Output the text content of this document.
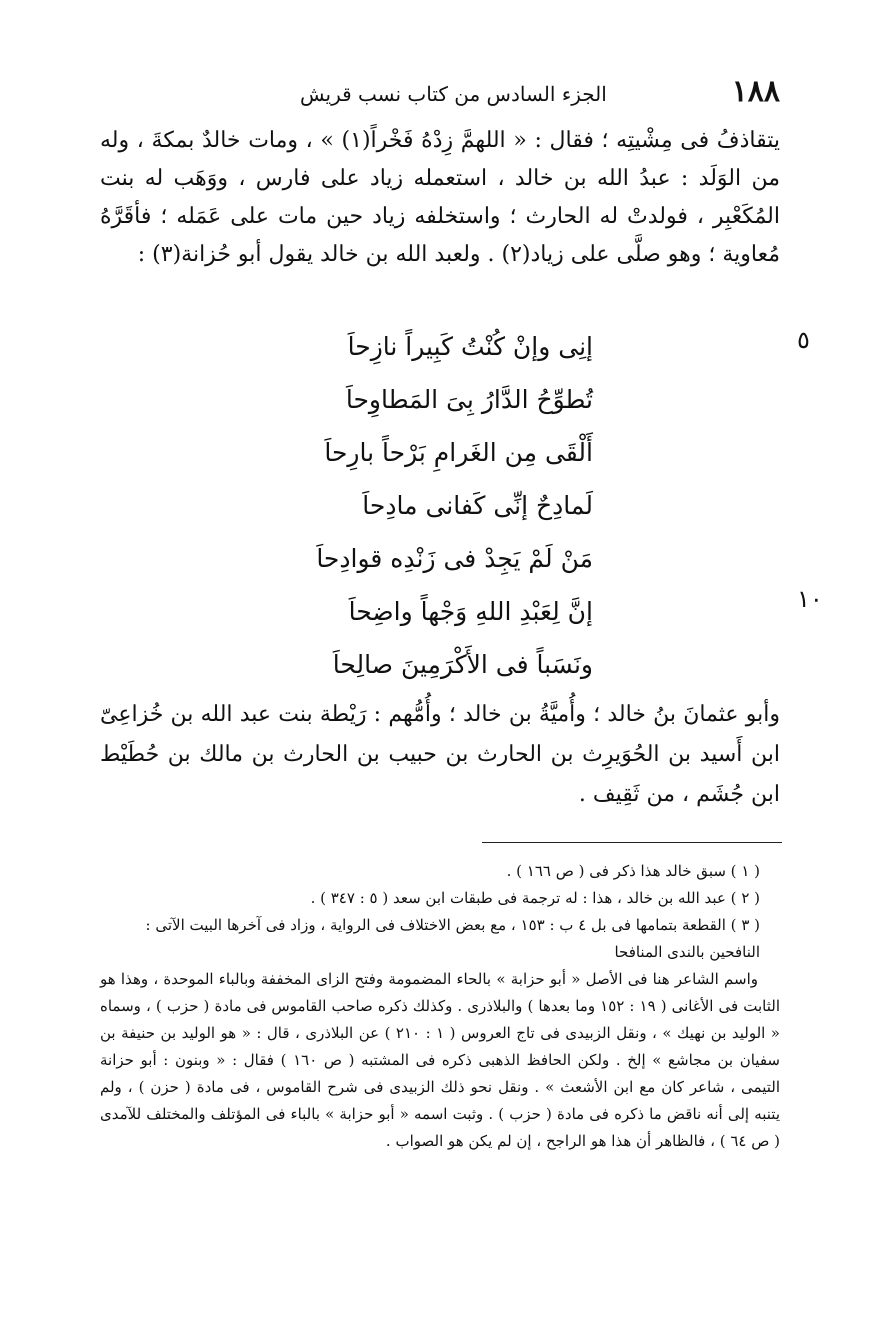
١٨٨
الجزء السادس من كتاب نسب قريش

يتقاذفُ فى مِشْيتِه ؛ فقال : « اللهمَّ زِدْهُ فَخْراً(١) » ، ومات خالدٌ بمكةَ ، وله من الوَلَد : عبدُ الله بن خالد ، استعمله زياد على فارس ، ووَهَب له بنت المُكَعْبِر ، فولدتْ له الحارث ؛ واستخلفه زياد حين مات على عَمَله ؛ فأقَرَّهُ مُعاوية ؛ وهو صلَّى على زياد(٢) . ولعبد الله بن خالد يقول أبو حُزانة(٣) :

إنِى وإنْ كُنْتُ كَبِيراً نازِحاَ
تُطوِّحُ الدَّارُ بِىَ المَطاوِحاَ
أَلْقَى مِن الغَرامِ بَرْحاً بارِحاَ
لَمادِحٌ إنِّى كَفانى مادِحاَ
مَنْ لَمْ يَجِدْ فى زَنْدِه قوادِحاَ
إنَّ لِعَبْدِ اللهِ وَجْهاً واضِحاَ
ونَسَباً فى الأَكْرَمِينَ صالِحاَ
٥
١٠

وأبو عثمانَ بنُ خالد ؛ وأُميَّةُ بن خالد ؛ وأُمُّهم : رَيْطة بنت عبد الله بن خُزاعِىّ ابن أَسيد بن الحُوَيرِث بن الحارث بن حبيب بن الحارث بن مالك بن حُطَيْط ابن جُشَم ، من ثَقِيف .

( ١ ) سبق خالد هذا ذكر فى ( ص ١٦٦ ) .

( ٢ ) عبد الله بن خالد ، هذا : له ترجمة فى طبقات ابن سعد ( ٥ : ٣٤٧ ) .

( ٣ ) القطعة بتمامها فى بل ٤ ب : ١٥٣ ، مع بعض الاختلاف فى الرواية ، وزاد فى آخرها البيت الآتى : النافحين بالندى المنافحا

واسم الشاعر هنا فى الأصل « أبو حزابة » بالحاء المضمومة وفتح الزاى المخففة وبالباء الموحدة ، وهذا هو الثابت فى الأغانى ( ١٩ : ١٥٢ وما بعدها ) والبلاذرى . وكذلك ذكره صاحب القاموس فى مادة ( حزب ) ، وسماه « الوليد بن نهيك » ، ونقل الزبيدى فى تاج العروس ( ١ : ٢١٠ ) عن البلاذرى ، قال : « هو الوليد بن حنيفة بن سفيان بن مجاشع » إلخ . ولكن الحافظ الذهبى ذكره فى المشتبه ( ص ١٦٠ ) فقال : « وبنون : أبو حزانة التيمى ، شاعر كان مع ابن الأشعث » . ونقل نحو ذلك الزبيدى فى شرح القاموس ، فى مادة ( حزن ) ، ولم يتنبه إلى أنه ناقض ما ذكره فى مادة ( حزب ) . وثبت اسمه « أبو حزابة » بالباء فى المؤتلف والمختلف للآمدى ( ص ٦٤ ) ، فالظاهر أن هذا هو الراجح ، إن لم يكن هو الصواب .
